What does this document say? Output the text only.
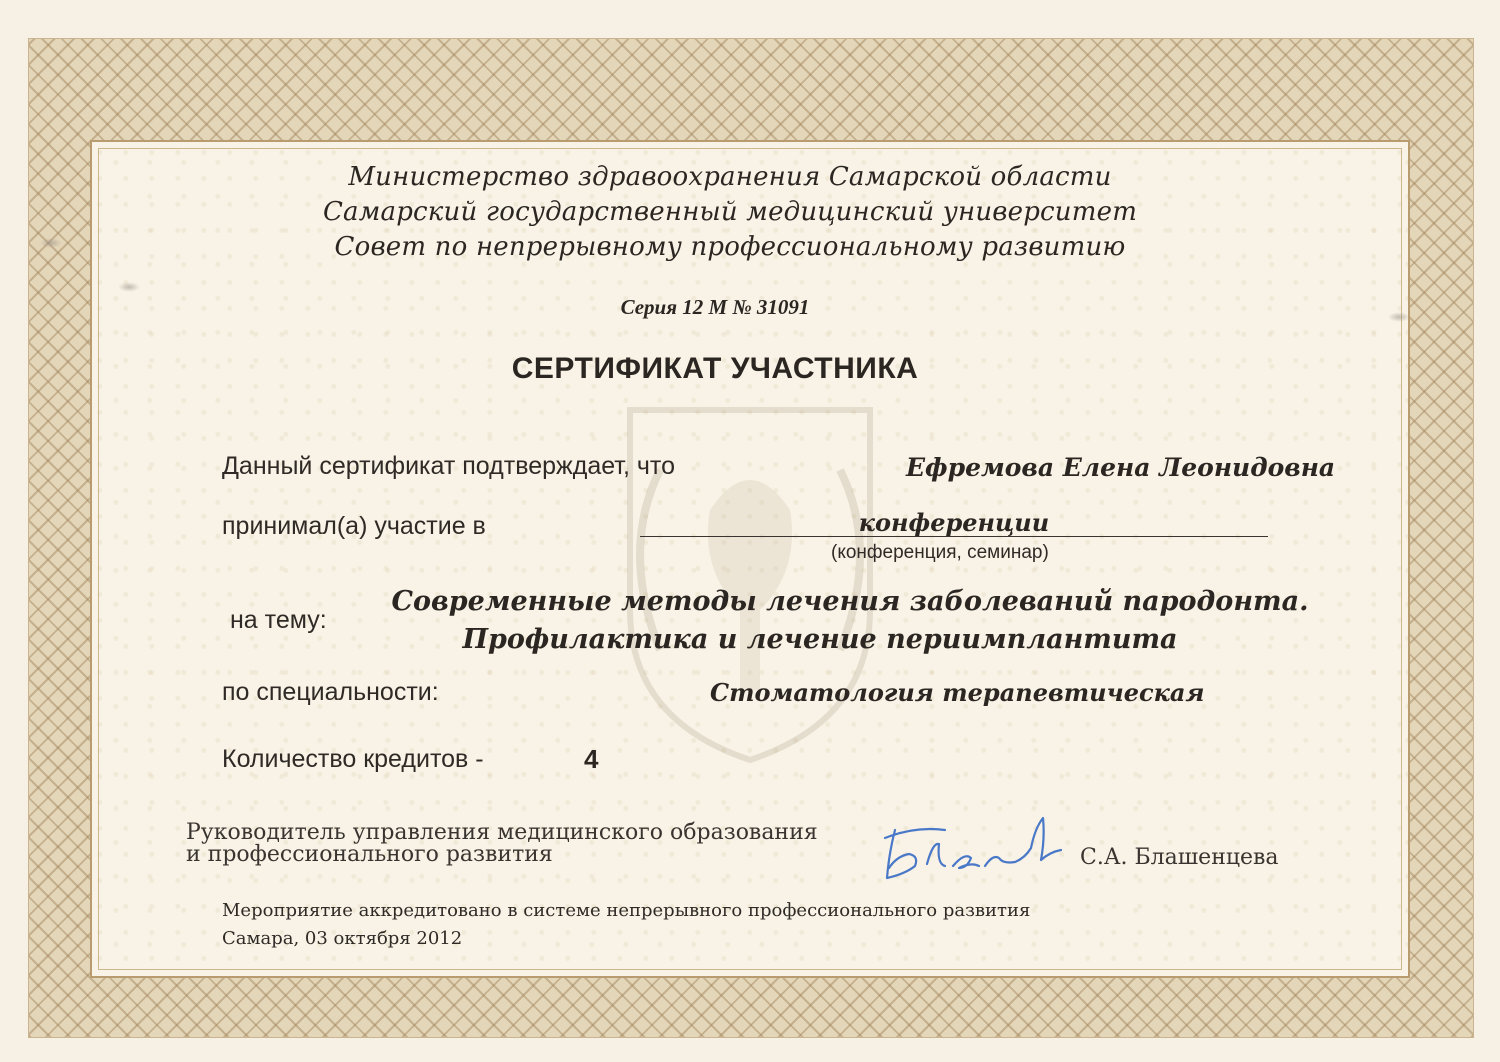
Министерство здравоохранения Самарской области
Самарский государственный медицинский университет
Совет по непрерывному профессиональному развитию
Серия 12 М № 31091
СЕРТИФИКАТ УЧАСТНИКА
Данный сертификат подтверждает, что	Ефремова Елена Леонидовна
принимал(а) участие в	конференции
(конференция, семинар)
на тему:
Современные методы лечения заболеваний пародонта.
Профилактика и лечение периимплантита
по специальности:	Стоматология терапевтическая
Количество кредитов -	4
Руководитель управления медицинского образования
и профессионального развития	С.А. Блашенцева
Мероприятие аккредитовано в системе непрерывного профессионального развития
Самара, 03 октября 2012
